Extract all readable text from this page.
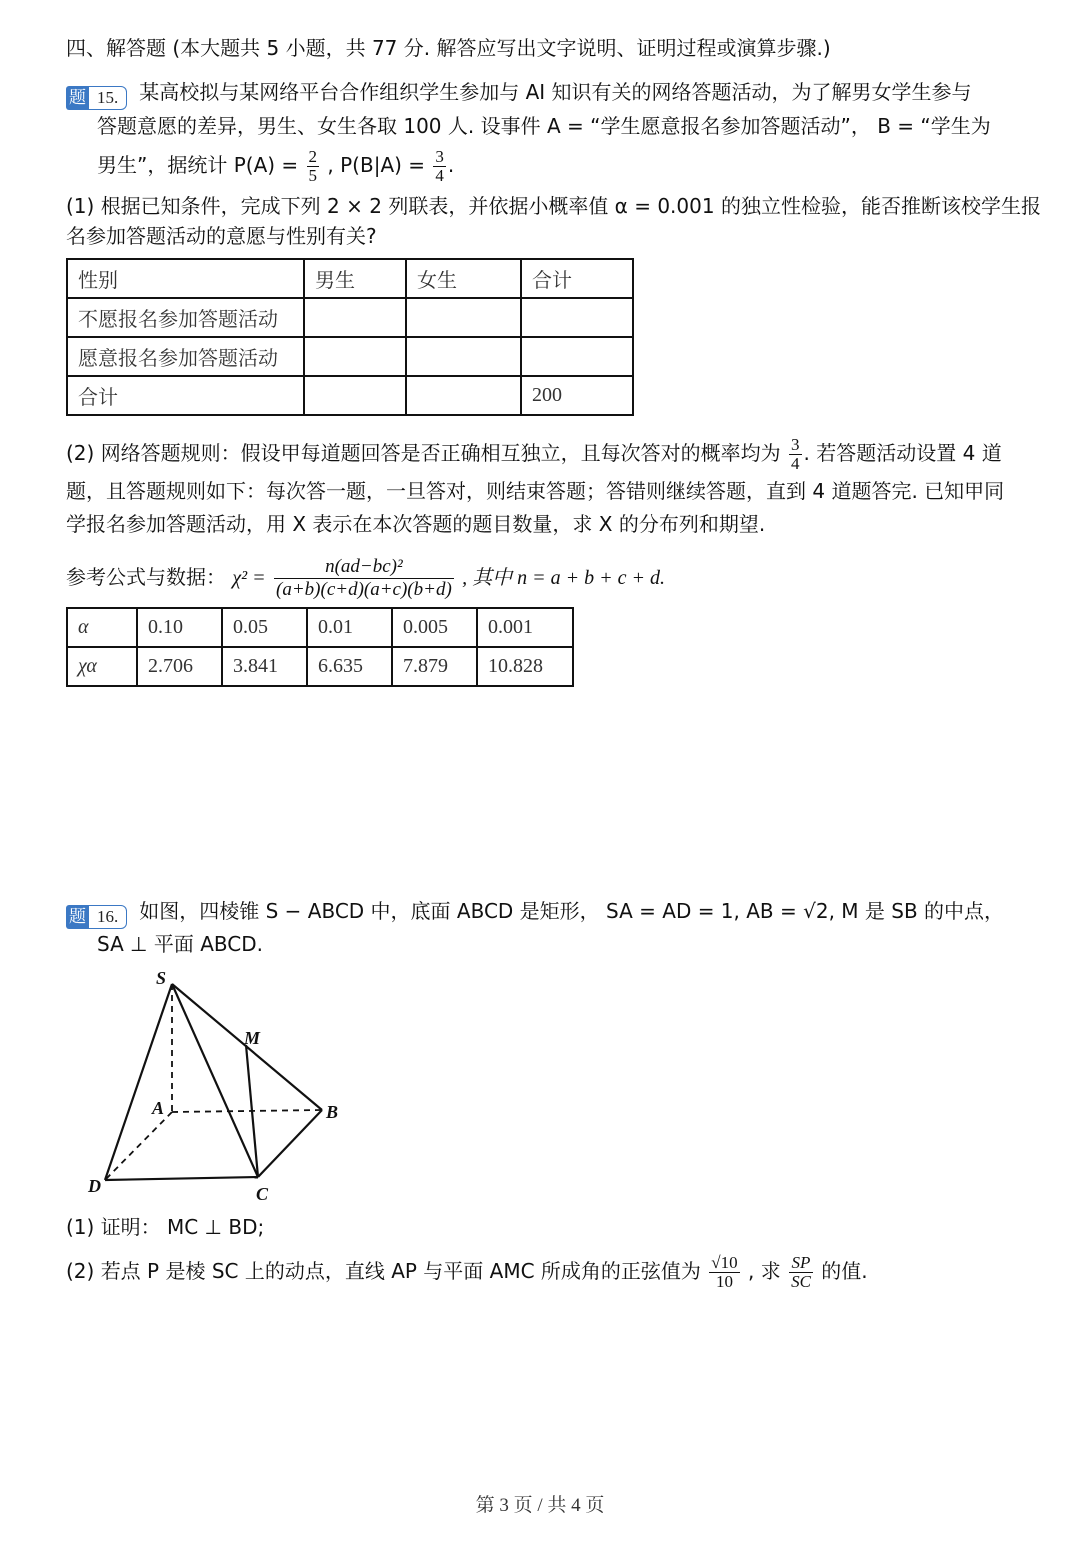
四、解答题 (本大题共 5 小题，共 77 分. 解答应写出文字说明、证明过程或演算步骤.)
题 15.	某高校拟与某网络平台合作组织学生参加与 AI 知识有关的网络答题活动，为了解男女学生参与
答题意愿的差异，男生、女生各取 100 人. 设事件 A = “学生愿意报名参加答题活动”， B = “学生为
男生”，据统计 $P(A) = \frac{2}{5}$ , $P(B|A) = \frac{3}{4}$ .
(1) 根据已知条件，完成下列 2 × 2 列联表，并依据小概率值 α = 0.001 的独立性检验，能否推断该校学生报
名参加答题活动的意愿与性别有关?
性别	男生	女生	合计
不愿报名参加答题活动			
愿意报名参加答题活动			
合计			200
(2) 网络答题规则：假设甲每道题回答是否正确相互独立，且每次答对的概率均为 $\frac{3}{4}$ . 若答题活动设置 4 道
题，且答题规则如下：每次答一题，一旦答对，则结束答题；答错则继续答题，直到 4 道题答完. 已知甲同
学报名参加答题活动，用 X 表示在本次答题的题目数量，求 X 的分布列和期望.
参考公式与数据： $\chi^2 = \frac{\text{n(ad−bc)²}}{(a+b)(c+d)(a+c)(b+d)}$ , 其中 n = a + b + c + d.
α	0.10	0.05	0.01	0.005	0.001
χα	2.706	3.841	6.635	7.879	10.828
题 16.	如图，四棱锥 S − ABCD 中，底面 ABCD 是矩形， SA = AD = 1, AB = √2, M 是 SB 的中点，
SA ⊥ 平面 ABCD.
S
M
A	B
C
D
(1) 证明： MC ⊥ BD;
(2) 若点 P 是棱 SC 上的动点，直线 AP 与平面 AMC 所成角的正弦值为 $\frac{√10}{10}$ , 求 $\frac{SP}{SC}$ 的值.
第 3 页 / 共 4 页
